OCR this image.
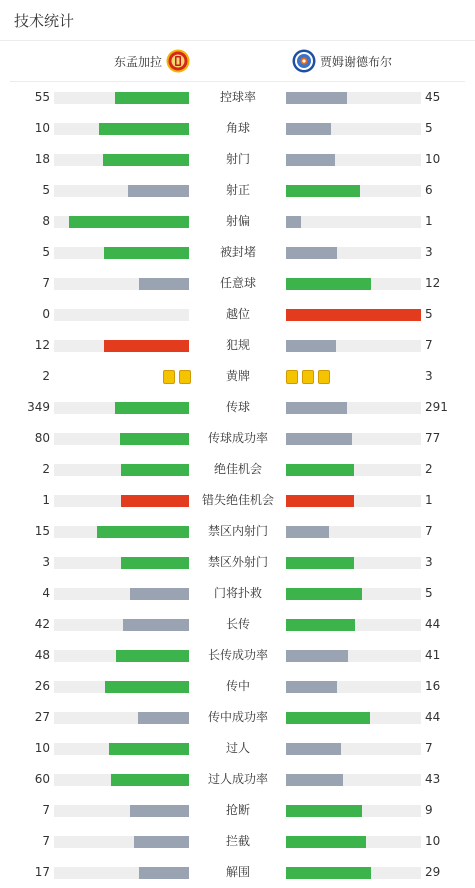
技术统计
东孟加拉	贾姆谢德布尔
55	控球率	45
10	角球	5
18	射门	10
5	射正	6
8	射偏	1
5	被封堵	3
7	任意球	12
0	越位	5
12	犯规	7
2	黄牌	3
349	传球	291
80	传球成功率	77
2	绝佳机会	2
1	错失绝佳机会	1
15	禁区内射门	7
3	禁区外射门	3
4	门将扑救	5
42	长传	44
48	长传成功率	41
26	传中	16
27	传中成功率	44
10	过人	7
60	过人成功率	43
7	抢断	9
7	拦截	10
17	解围	29
